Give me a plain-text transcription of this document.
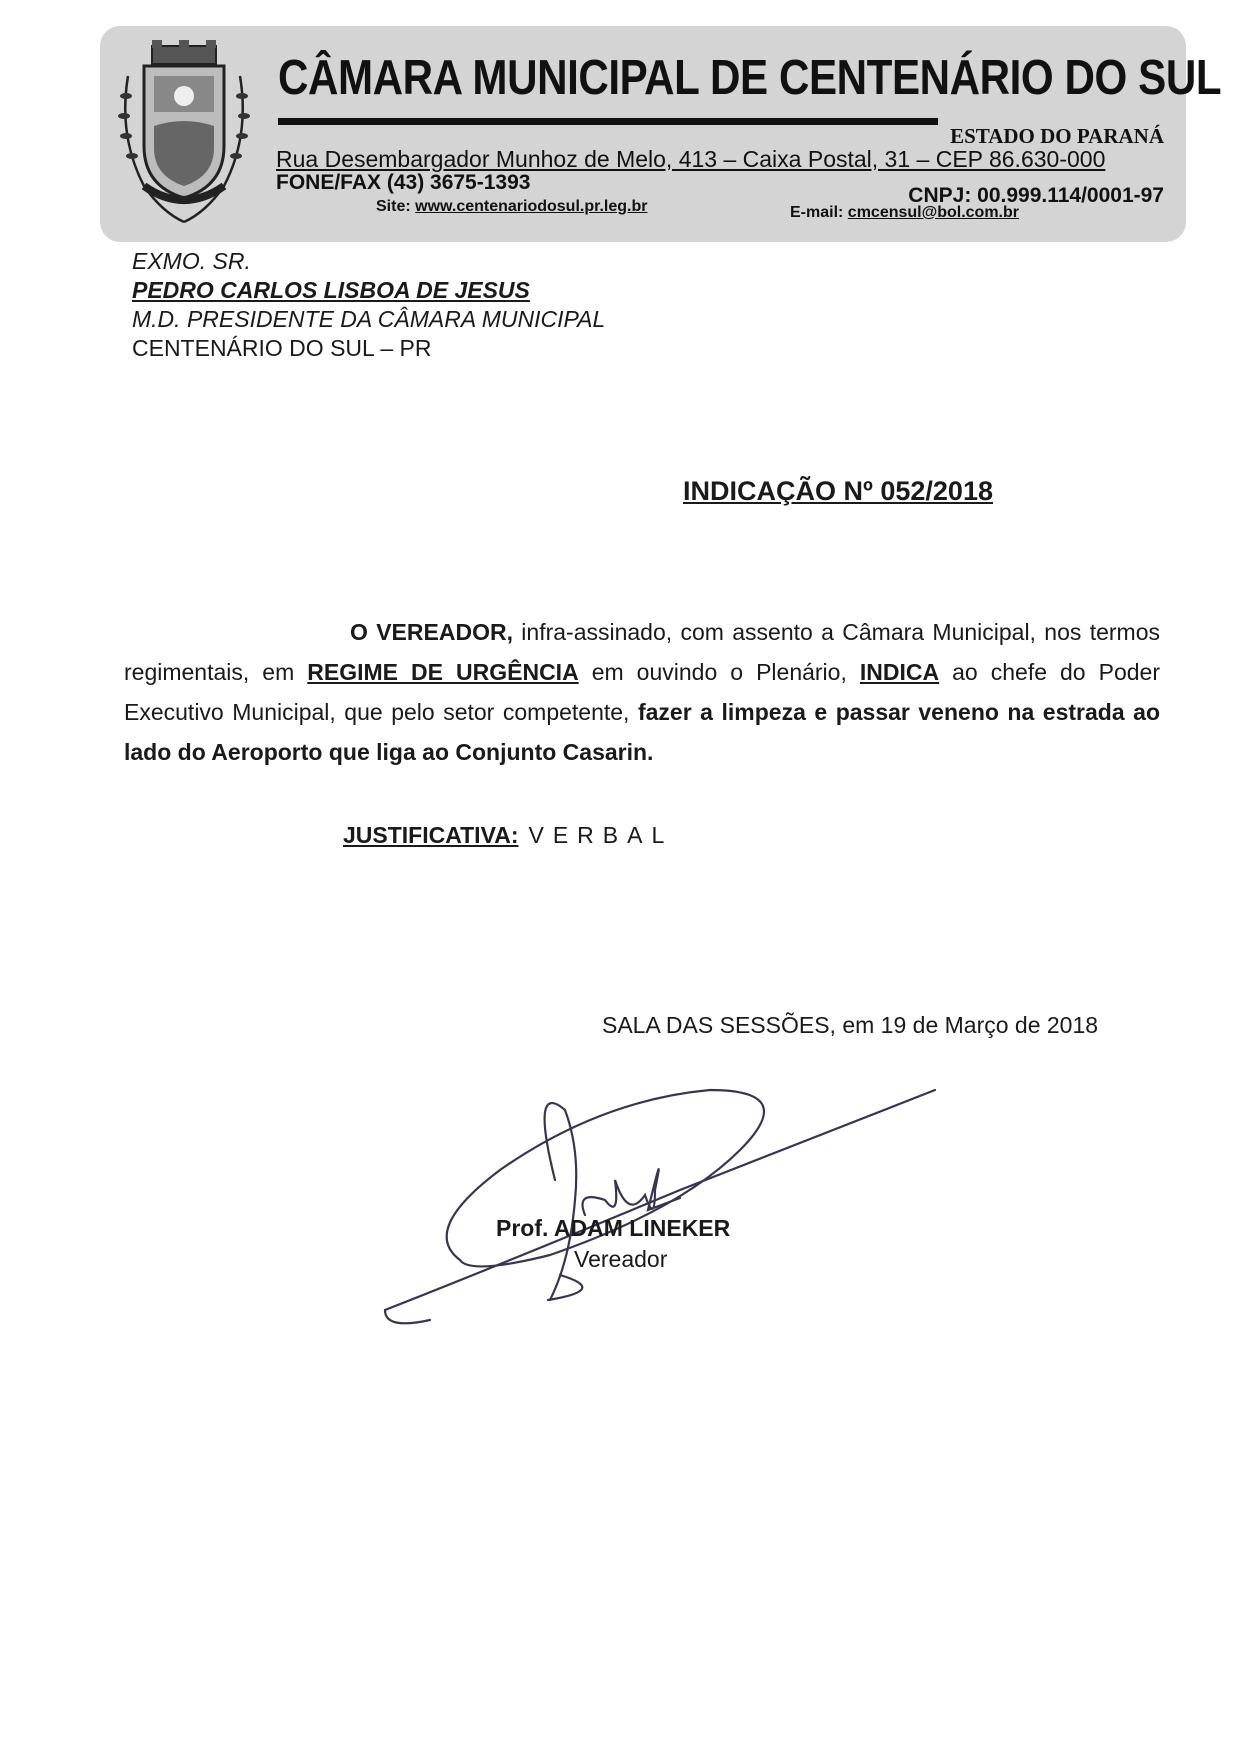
CÂMARA MUNICIPAL DE CENTENÁRIO DO SUL
ESTADO DO PARANÁ
Rua Desembargador Munhoz de Melo, 413 – Caixa Postal, 31 – CEP 86.630-000
FONE/FAX (43) 3675-1393
CNPJ: 00.999.114/0001-97
Site: www.centenariodosul.pr.leg.br	E-mail: cmcensul@bol.com.br
EXMO. SR.
PEDRO CARLOS LISBOA DE JESUS
M.D. PRESIDENTE DA CÂMARA MUNICIPAL
CENTENÁRIO DO SUL – PR
INDICAÇÃO Nº 052/2018
O VEREADOR, infra-assinado, com assento a Câmara Municipal, nos termos regimentais, em REGIME DE URGÊNCIA em ouvindo o Plenário, INDICA ao chefe do Poder Executivo Municipal, que pelo setor competente, fazer a limpeza e passar veneno na estrada ao lado do Aeroporto que liga ao Conjunto Casarin.
JUSTIFICATIVA: VERBAL
SALA DAS SESSÕES, em 19 de Março de 2018
Prof. ADAM LINEKER
Vereador
